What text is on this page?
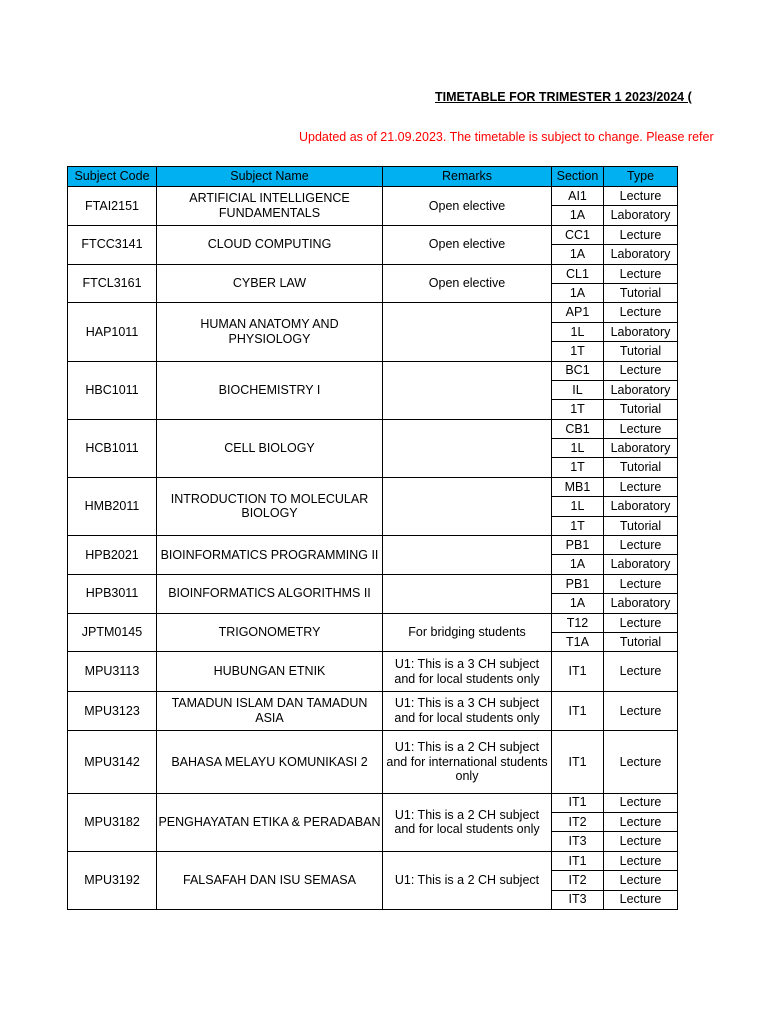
TIMETABLE FOR TRIMESTER 1 2023/2024 (
Updated as of 21.09.2023. The timetable is subject to change. Please refer
Subject Code	Subject Name	Remarks	Section	Type
FTAI2151	ARTIFICIAL INTELLIGENCE FUNDAMENTALS	Open elective	AI1	Lecture
			1A	Laboratory
FTCC3141	CLOUD COMPUTING	Open elective	CC1	Lecture
			1A	Laboratory
FTCL3161	CYBER LAW	Open elective	CL1	Lecture
			1A	Tutorial
HAP1011	HUMAN ANATOMY AND PHYSIOLOGY		AP1	Lecture
			1L	Laboratory
			1T	Tutorial
HBC1011	BIOCHEMISTRY I		BC1	Lecture
			IL	Laboratory
			1T	Tutorial
HCB1011	CELL BIOLOGY		CB1	Lecture
			1L	Laboratory
			1T	Tutorial
HMB2011	INTRODUCTION TO MOLECULAR BIOLOGY		MB1	Lecture
			1L	Laboratory
			1T	Tutorial
HPB2021	BIOINFORMATICS PROGRAMMING II		PB1	Lecture
			1A	Laboratory
HPB3011	BIOINFORMATICS ALGORITHMS II		PB1	Lecture
			1A	Laboratory
JPTM0145	TRIGONOMETRY	For bridging students	T12	Lecture
			T1A	Tutorial
MPU3113	HUBUNGAN ETNIK	U1: This is a 3 CH subject and for local students only	IT1	Lecture
MPU3123	TAMADUN ISLAM DAN TAMADUN ASIA	U1: This is a 3 CH subject and for local students only	IT1	Lecture
MPU3142	BAHASA MELAYU KOMUNIKASI 2	U1: This is a 2 CH subject and for international students only	IT1	Lecture
MPU3182	PENGHAYATAN ETIKA & PERADABAN	U1: This is a 2 CH subject and for local students only	IT1	Lecture
			IT2	Lecture
			IT3	Lecture
MPU3192	FALSAFAH DAN ISU SEMASA	U1: This is a 2 CH subject	IT1	Lecture
			IT2	Lecture
			IT3	Lecture
